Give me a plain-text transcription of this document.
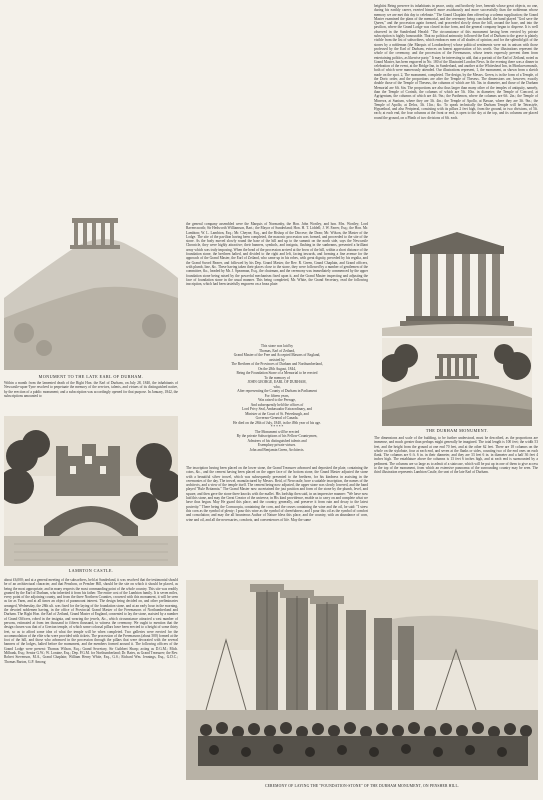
heightist Being preserve its inhabitants in peace, unity, and brotherly love, beneath whose great objects, no one, during his earthly career, exerted himself more assiduously and more successfully than the nobleman whose memory we are met this day to celebrate." The Grand Chaplain then offered up a solemn supplication; the Grand Master examined the plans of the memorial, and the ceremony being concluded, the band played "God save the Queen," and the procession again formed, and proceeded slowly down the hill, around the base, and into the pavilion, where the Grand Lodge was closed in due form, and the general company began to disperse. It is well observed in the Sunderland Herald: "The circumstance of this monument having been erected by private subscription is highly honourable. That no political animosity followed the Earl of Durham to the grave is plainly visible from the list of subscribers, which embraces men of all shades of opinion; and for the splendid gift of the stones by a nobleman (the Marquis of Londonderry) whose political sentiments were not in unison with those professed by the Earl of Durham, evinces an honest appreciation of his worth. Our illustrations represent the whole of the ceremony, and the procession of the Freemasons, whose tenets expressly prevent them from entertaining politics, as likewise party." It may be interesting to add, that a portrait of the Earl of Zetland, noted as Grand Master, has been engraved in No. 180 of the Illustrated London News. In the evening there was a dinner in celebration of the event, at the Bridge Inn, in Sunderland, and another at the Whitesheaf Inn, in Monkwearmouth, both of which were numerously attended. Our illustrations represent, 1, the monument, as shown from a sketch made on the spot. 2, The monument, completed. The design, by the Messrs. Green, is in the form of a Temple, of the Doric order, and the proportions are after the Temple of Theseus. The dimensions are, however, exactly double those of the Temple of Theseus, the columns of which are 6ft. 5in. in diameter, and those of the Durham Memorial are 6ft. 6in. The proportions are also thus larger than many other of the temples of antiquity, namely, than the Temple of Corinth, the columns of which are 5ft. 10in. in diameter; the Temple of Concord, at Agrigentum, the columns of which are 4ft. 9in.; the Parthenon, where the columns are 6ft. 2in.; the Temple of Minerva, at Sunium, where they are 3ft. 4in.; the Temple of Apollo, at Bassae, where they are 3ft. 9in.; the Temple of Apollo, at Delos, 3ft. 11in.; &c. To speak technically the Durham Temple will be Tetrastyle, Hypaethral, and also Peripteral, consisting with its pillars 2 feet high, from the ground, in two divisions, of 5ft. each; at each end, the four columns at the front or end, is open to the sky at the top, and its columns are placed round the ground, on a Plinth of two divisions of 6ft. each.
MONUMENT TO THE LATE EARL OF DURHAM.
Within a month from the lamented death of the Right Hon. the Earl of Durham, on July 28, 1840, the inhabitants of Newcastle-upon-Tyne resolved to perpetuate the memory of the services, talents, and virtues of its distinguished native, by the erection of a public monument; and a subscription was accordingly opened for that purpose. In January, 1842, the subscriptions amounted to
LAMBTON CASTLE.
about £6,000; and at a general meeting of the subscribers, held at Sunderland, it was resolved that the testimonial should be of an architectural character, and that Penshaw, or Pensher Hill, should be the site on which it should be placed, as being the most appropriate, and in many respects the most commanding point of the whole country. This site was readily granted by the Earl of Durham, who inherited it from his father. The entire cost of the Lambton family. It is seven miles, every point of the adjoining county, and from the three Northern Counties, crowned with this monument, it will be seen as far as Yarm, and at all times an object of paramount interest. The design being decided on, and other preliminaries arranged, Wednesday, the 28th ult. was fixed for the laying of the foundation stone, and at an early hour in the morning, the devoted noblemen having, in the office of Provincial Grand Master of the Freemasons of Northumberland and Durham. The Right Hon. the Earl of Zetland, Grand Master of England, consented to lay the stone, assisted by a number of Grand Officers, robed in the insignia, and wearing the jewels, &c., which circumstance attracted a vast number of persons, estimated at from ten thousand to fifteen thousand, to witness the ceremony. We ought to mention that the design chosen was that of a Grecian temple, of which some colossal pillars have been erected to a height of some thirty feet, so as to afford some idea of what the temple will be when completed. Two galleries were erected for the accommodation of the elite who were provided with tickets. The procession of the Freemasons (about 500) formed at the foot of the hill, and those who advanced in the procession through the pillars that were decorated with the several banners of the lodges, halted before the monument, and the members formed around it. The following officers of the Grand Lodge were present: Thomas Wilson, Esq.; Grand Secretary, Sir Cuthbert Sharp; acting as D.G.M.; Mich. Milbank, Esq.; Senior G.W.; W. Loraine, Esq.; Dep. P.G.M. for Northumberland; Dr. Bates, as Grand Treasurer; the Rev. Robert Stevenson, M.A., Grand Chaplain; William Henry White, Esq., G.S.; Richard Wm. Jennings, Esq., G.D.C.; Thomas Barton, G.P. Among
the general company assembled were the Marquis of Normanby, the Hon. John Wortley, and hon. Mrs. Wortley; Lord Ravensworth; Sir Hedworth Williamson, Bart.; the Mayor of Sunderland; Hon. H. T. Liddell; J. W. Farrer, Esq.; the Hon. Mr. Lambton; W. L. Lambton, Esq.; Mr. Cheyne, Esq., and the Bishop of the Diocese; the Dean; Mr. Wilson, the Master of the Lodge. The site of the pavilion having been completed, the masonic procession was formed, and proceeded to the site of the stone. As the body moved slowly round the base of the hill and up to the summit on the north side, says the Newcastle Chronicle, they were highly attractive; their banners, symbols, and insignia, flashing in the sunbeams, presented a brilliant array which was truly imposing. When the head of the procession arrived at the brow of the hill, within a short distance of the foundation stone, the brethren halted, and divided to the right and left, facing inwards, and forming a fine avenue for the approach of the Grand Master, the Earl of Zetland, who came up in his robes, with great dignity, preceded by his regalia, and the Grand Sword Bearer, and followed by his Dep. Grand Master, the Rev. R. Green, Grand Chaplain, and Grand officers, with plumb, line, &c. These having taken their places close to the stone, they were followed by a number of gentlemen of the committee, &c., headed by Mr. J. Spearman, Esq., the chairman, and the ceremony was immediately commenced by the upper foundation stone being raised by the powerful mechanism fixed upon it, and the Grand Master inspecting and adjusting the face of foundation stone in the usual manner. This being completed, Mr. White, the Grand Secretary, read the following inscription, which had been tastefully engraven on a brass plate:
This stone was laid by
Thomas, Earl of Zetland,
Grand Master of the Free and Accepted Masons of England,
assisted by
The Brethren of the Provinces of Durham and Northumberland,
On the 28th August, 1844,
Being the Foundation Stone of a Memorial to be erected
To the memory of
JOHN GEORGE, EARL OF DURHAM,
who,
After representing the County of Durham in Parliament
For fifteen years,
Was raised to the Peerage,
And subsequently held the offices of
Lord Privy Seal, Ambassador Extraordinary, and
Minister at the Court of St. Petersburgh, and
Governor-General of Canada.
He died on the 28th of July, 1840, in the 49th year of his age.
* * * * *
The Monument will be erected
By the private Subscriptions of his Fellow-Countrymen,
Admirers of his distinguished talents and
Exemplary private virtues.
John and Benjamin Green, Architects.
The inscription having been placed on the lower stone, the Grand Treasurer advanced and deposited the plate, containing the coins, &c., and the cement having been placed on the upper face of the bottom stone, the Grand Master adjusted the stone with a beautiful silver trowel, which was subsequently presented to the brethren, for his kindness in assisting in the ceremonies of the day. The trowel, manufactured by Messrs. Reid, of Newcastle, bore a suitable inscription, the names of the architects, and a view of the temple itself. The cement being now adjusted, the upper stone was slowly lowered, and the band played "Rule Britannia." The Grand Master now ascertained the just position and form of the stone by the plumb, level, and square, and then gave the stone three knocks with the mallet. His lordship then said, in an impressive manner: "We have now laid this stone, and may the Great Creator of the universe, in His kind providence, enable us to carry on and complete what we have thus begun. May He guard this place, and the country, generally, and preserve it from ruin and decay to the latest posterity." There being the Cornucopia, containing the corn, and the cruses containing the wine and the oil, he said: "I strew this corn as the symbol of plenty; I pour this wine as the symbol of cheerfulness; and I pour this oil as the symbol of comfort and consolation; and may the all bounteous Author of Nature bless this place, and the country, with an abundance of corn, wine and oil, and all the necessaries, comforts, and conveniences of life. May the same
THE DURHAM MONUMENT.
The dimensions and scale of the building, to be further understood, must be described, as the proportions are immense, and much greater than perhaps might generally be imagined. The total length is 100 feet; the width 53 feet, and the height from the ground at one end 70 feet, and at the other 62 feet. There are 18 columns on the whole on the stylobate, four at each end, and seven at the flanks or sides, counting two of the end ones on each flank. The columns are 6 ft. 6 in. in their diameter, and they are 33 feet 6 in. in diameter and a half 36 feet 4 inches high. The entablature above the columns is 13 feet 6 inches high, and at each end is surmounted by a pediment. The columns are so large as to admit of a staircase, which will be put up in one of them to give access to the top of the monument, from which an extensive panorama of the surrounding country may be seen. The third illustration represents Lambton Castle, the seat of the late Earl of Durham.
CEREMONY OF LAYING THE "FOUNDATION-STONE" OF THE DURHAM MONUMENT, ON PENSHER HILL.
